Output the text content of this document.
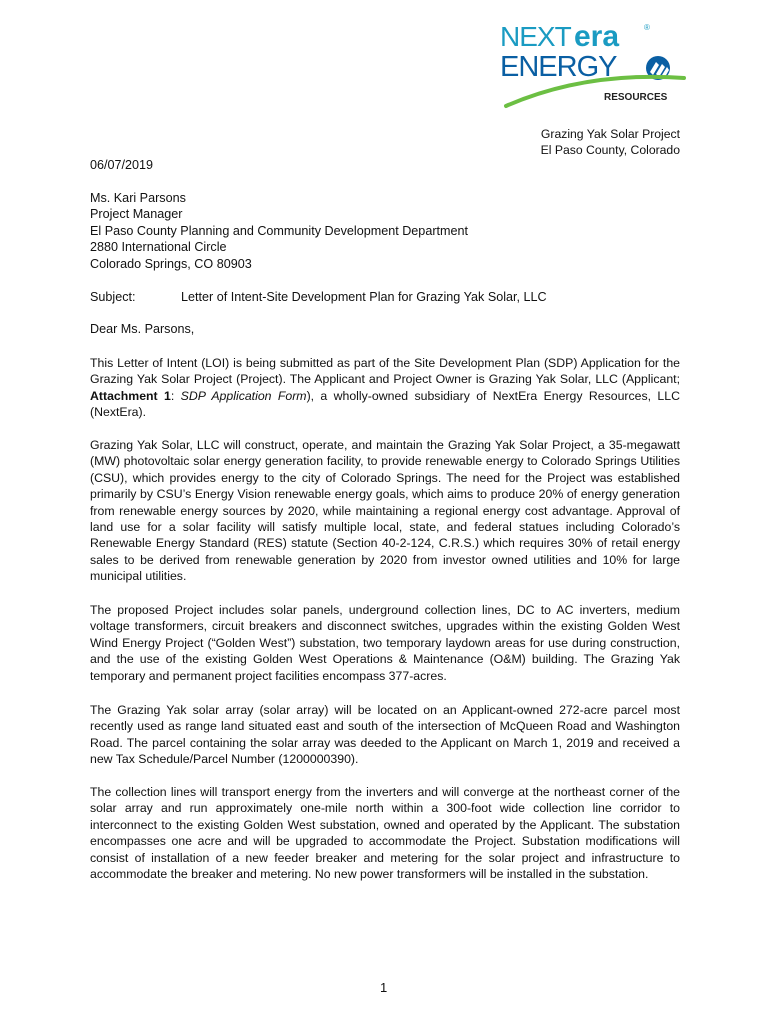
NEXT era	®
ENERGY
RESOURCES
Grazing Yak Solar Project
El Paso County, Colorado
06/07/2019
Ms. Kari Parsons
Project Manager
El Paso County Planning and Community Development Department
2880 International Circle
Colorado Springs, CO 80903
Subject:	Letter of Intent-Site Development Plan for Grazing Yak Solar, LLC
Dear Ms. Parsons,
This Letter of Intent (LOI) is being submitted as part of the Site Development Plan (SDP) Application for the Grazing Yak Solar Project (Project). The Applicant and Project Owner is Grazing Yak Solar, LLC (Applicant; Attachment 1: SDP Application Form), a wholly-owned subsidiary of NextEra Energy Resources, LLC (NextEra).
Grazing Yak Solar, LLC will construct, operate, and maintain the Grazing Yak Solar Project, a 35-megawatt (MW) photovoltaic solar energy generation facility, to provide renewable energy to Colorado Springs Utilities (CSU), which provides energy to the city of Colorado Springs. The need for the Project was established primarily by CSU’s Energy Vision renewable energy goals, which aims to produce 20% of energy generation from renewable energy sources by 2020, while maintaining a regional energy cost advantage. Approval of land use for a solar facility will satisfy multiple local, state, and federal statues including Colorado’s Renewable Energy Standard (RES) statute (Section 40-2-124, C.R.S.) which requires 30% of retail energy sales to be derived from renewable generation by 2020 from investor owned utilities and 10% for large municipal utilities.
The proposed Project includes solar panels, underground collection lines, DC to AC inverters, medium voltage transformers, circuit breakers and disconnect switches, upgrades within the existing Golden West Wind Energy Project (“Golden West”) substation, two temporary laydown areas for use during construction, and the use of the existing Golden West Operations & Maintenance (O&M) building. The Grazing Yak temporary and permanent project facilities encompass 377-acres.
The Grazing Yak solar array (solar array) will be located on an Applicant-owned 272-acre parcel most recently used as range land situated east and south of the intersection of McQueen Road and Washington Road. The parcel containing the solar array was deeded to the Applicant on March 1, 2019 and received a new Tax Schedule/Parcel Number (1200000390).
The collection lines will transport energy from the inverters and will converge at the northeast corner of the solar array and run approximately one-mile north within a 300-foot wide collection line corridor to interconnect to the existing Golden West substation, owned and operated by the Applicant. The substation encompasses one acre and will be upgraded to accommodate the Project. Substation modifications will consist of installation of a new feeder breaker and metering for the solar project and infrastructure to accommodate the breaker and metering. No new power transformers will be installed in the substation.
1
